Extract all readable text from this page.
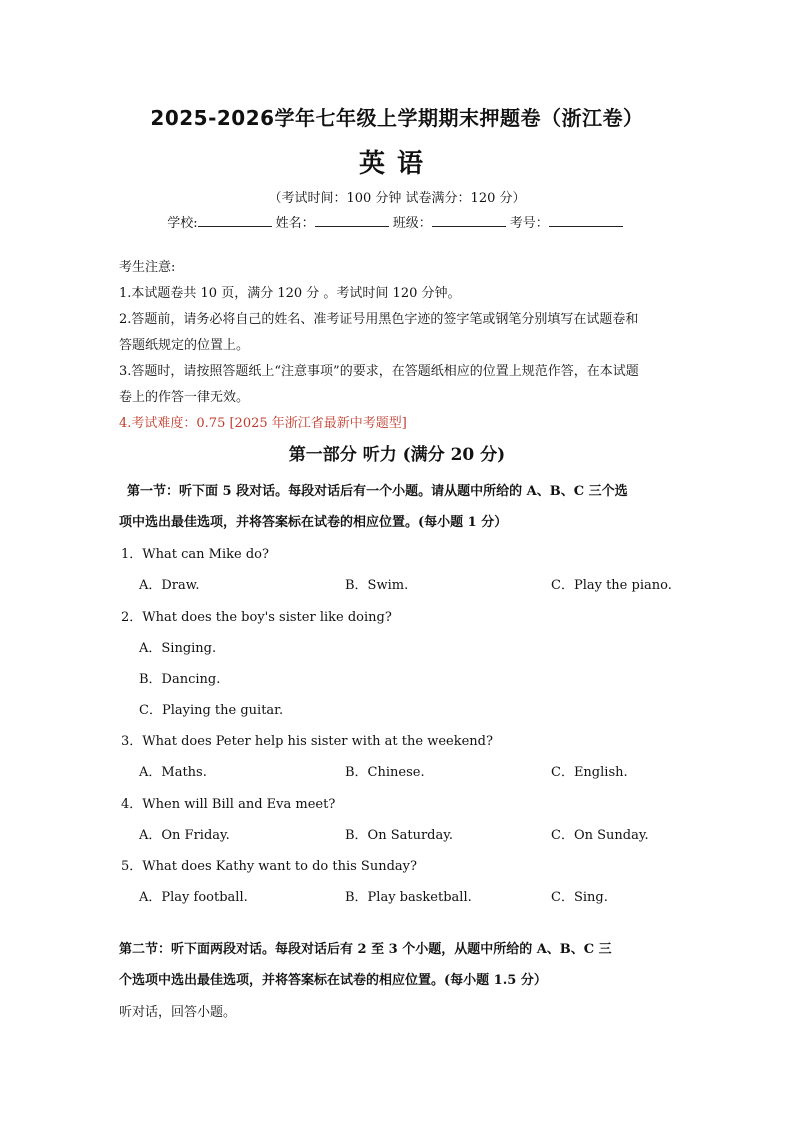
2025-2026学年七年级上学期期末押题卷（浙江卷）
英语
（考试时间：100 分钟 试卷满分：120 分）
学校:	姓名：	班级：	考号：
考生注意:
1.本试题卷共 10 页，满分 120 分 。考试时间 120 分钟。
2.答题前，请务必将自己的姓名、准考证号用黑色字迹的签字笔或钢笔分别填写在试题卷和
答题纸规定的位置上。
3.答题时，请按照答题纸上“注意事项”的要求，在答题纸相应的位置上规范作答，在本试题
卷上的作答一律无效。
4.考试难度：0.75 [2025 年浙江省最新中考题型]
第一部分 听力 (满分 20 分)
第一节：听下面 5 段对话。每段对话后有一个小题。请从题中所给的 A、B、C 三个选
项中选出最佳选项，并将答案标在试卷的相应位置。(每小题 1 分）
1．What can Mike do?
A．Draw.	B．Swim.	C．Play the piano.
2．What does the boy's sister like doing?
A．Singing.
B．Dancing.
C．Playing the guitar.
3．What does Peter help his sister with at the weekend?
A．Maths.	B．Chinese.	C．English.
4．When will Bill and Eva meet?
A．On Friday.	B．On Saturday.	C．On Sunday.
5．What does Kathy want to do this Sunday?
A．Play football.	B．Play basketball.	C．Sing.
第二节：听下面两段对话。每段对话后有 2 至 3 个小题，从题中所给的 A、B、C 三
个选项中选出最佳选项，并将答案标在试卷的相应位置。(每小题 1.5 分）
听对话，回答小题。
